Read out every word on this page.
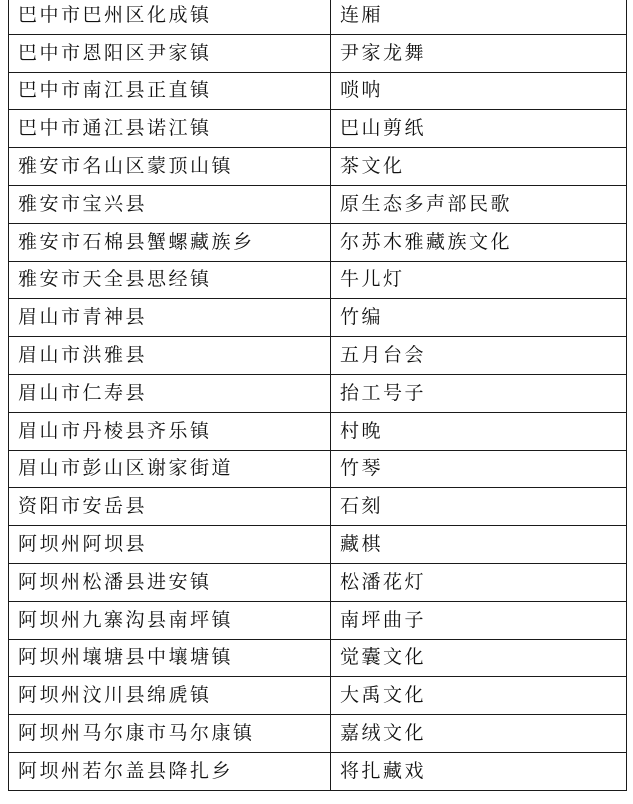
巴中市巴州区化成镇	连厢
巴中市恩阳区尹家镇	尹家龙舞
巴中市南江县正直镇	唢呐
巴中市通江县诺江镇	巴山剪纸
雅安市名山区蒙顶山镇	茶文化
雅安市宝兴县	原生态多声部民歌
雅安市石棉县蟹螺藏族乡	尔苏木雅藏族文化
雅安市天全县思经镇	牛儿灯
眉山市青神县	竹编
眉山市洪雅县	五月台会
眉山市仁寿县	抬工号子
眉山市丹棱县齐乐镇	村晚
眉山市彭山区谢家街道	竹琴
资阳市安岳县	石刻
阿坝州阿坝县	藏棋
阿坝州松潘县进安镇	松潘花灯
阿坝州九寨沟县南坪镇	南坪曲子
阿坝州壤塘县中壤塘镇	觉囊文化
阿坝州汶川县绵虒镇	大禹文化
阿坝州马尔康市马尔康镇	嘉绒文化
阿坝州若尔盖县降扎乡	将扎藏戏
